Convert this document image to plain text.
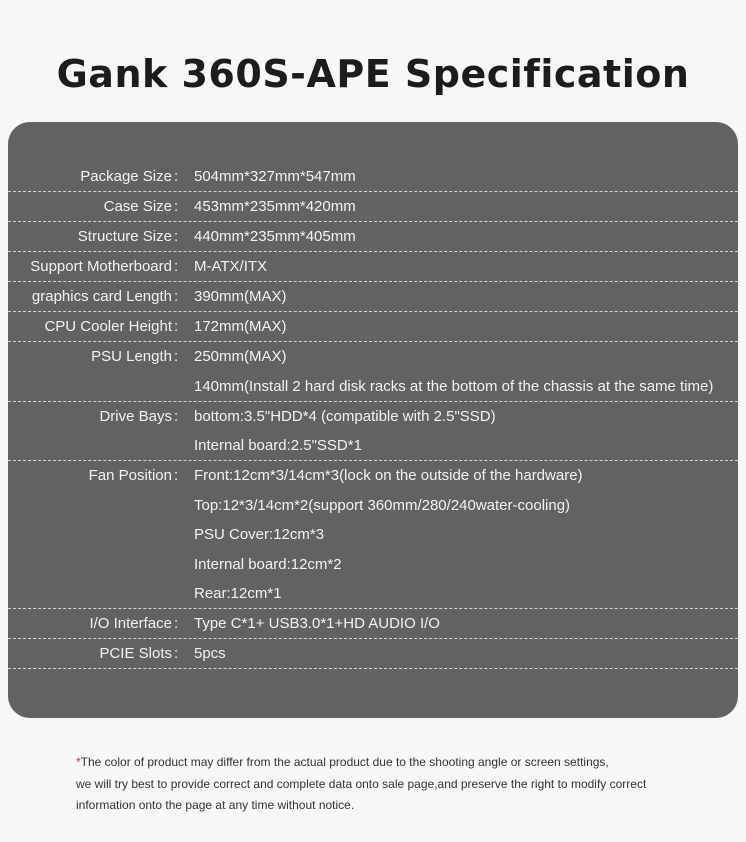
Gank 360S-APE Specification
Package Size :	504mm*327mm*547mm
Case Size :	453mm*235mm*420mm
Structure Size :	440mm*235mm*405mm
Support Motherboard :	M-ATX/ITX
graphics card Length :	390mm(MAX)
CPU Cooler Height :	172mm(MAX)
PSU Length :	250mm(MAX)
140mm(Install 2 hard disk racks at the bottom of the chassis at the same time)
Drive Bays :	bottom:3.5"HDD*4 (compatible with 2.5"SSD)
Internal board:2.5"SSD*1
Fan Position :	Front:12cm*3/14cm*3(lock on the outside of the hardware)
Top:12*3/14cm*2(support 360mm/280/240water-cooling)
PSU Cover:12cm*3
Internal board:12cm*2
Rear:12cm*1
I/O Interface :	Type C*1+ USB3.0*1+HD AUDIO I/O
PCIE Slots :	5pcs
*The color of product may differ from the actual product due to the shooting angle or screen settings,
we will try best to provide correct and complete data onto sale page,and preserve the right to modify correct
information onto the page at any time without notice.
